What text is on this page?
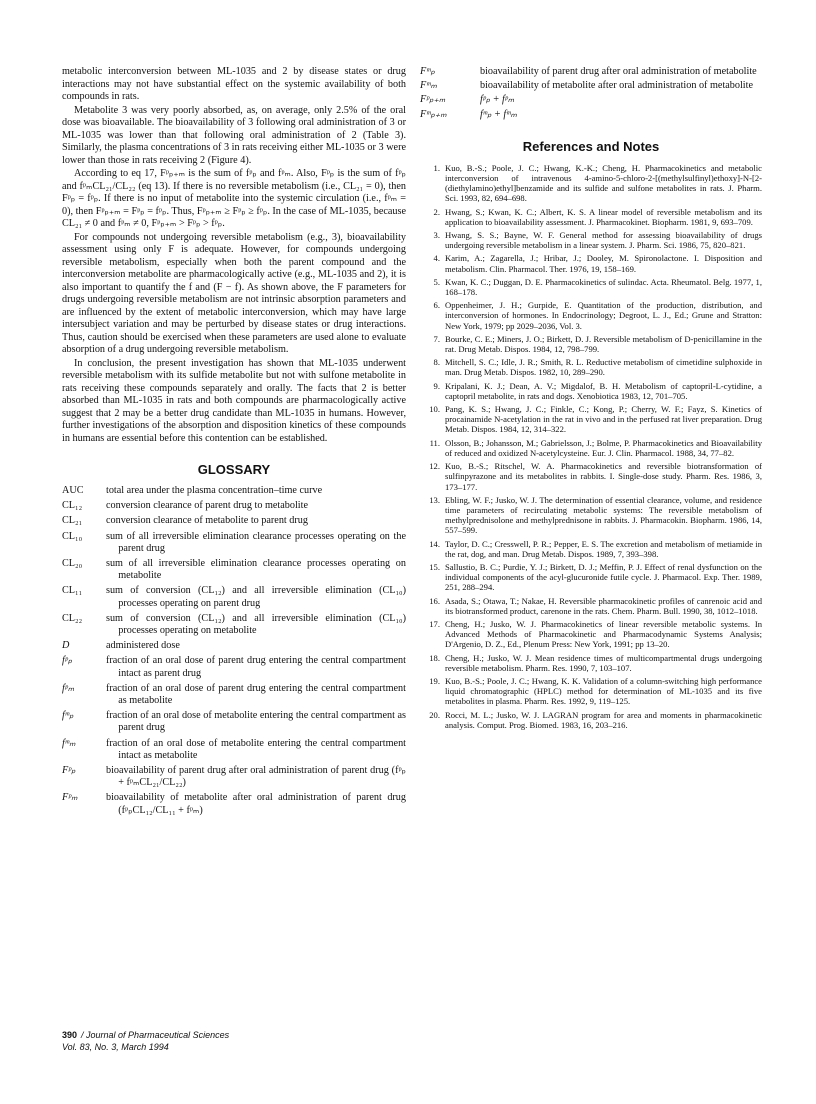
metabolic interconversion between ML-1035 and 2 by disease states or drug interactions may not have substantial effect on the systemic availability of both compounds in rats.

Metabolite 3 was very poorly absorbed, as, on average, only 2.5% of the oral dose was bioavailable. The bioavailability of 3 following oral administration of 3 or ML-1035 was lower than that following oral administration of 2 (Table 3). Similarly, the plasma concentrations of 3 in rats receiving either ML-1035 or 3 were lower than those in rats receiving 2 (Figure 4).

According to eq 17, Fᵖₚ₊ₘ is the sum of fᵖₚ and fᵖₘ. Also, Fᵖₚ is the sum of fᵖₚ and fᵖₘCL₂₁/CL₂₂ (eq 13). If there is no reversible metabolism (i.e., CL₂₁ = 0), then Fᵖₚ = fᵖₚ. If there is no input of metabolite into the systemic circulation (i.e., fᵖₘ = 0), then Fᵖₚ₊ₘ = Fᵖₚ = fᵖₚ. Thus, Fᵖₚ₊ₘ ≥ Fᵖₚ ≥ fᵖₚ. In the case of ML-1035, because CL₂₁ ≠ 0 and fᵖₘ ≠ 0, Fᵖₚ₊ₘ > Fᵖₚ > fᵖₚ.

For compounds not undergoing reversible metabolism (e.g., 3), bioavailability assessment using only F is adequate. However, for compounds undergoing reversible metabolism, especially when both the parent compound and the interconversion metabolite are pharmacologically active (e.g., ML-1035 and 2), it is also important to quantify the f and (F − f). As shown above, the F parameters for drugs undergoing reversible metabolism are not intrinsic absorption parameters and are influenced by the extent of metabolic interconversion, which may have large intersubject variation and may be perturbed by disease states or drug interactions. Thus, caution should be exercised when these parameters are used alone to evaluate absorption of a drug undergoing reversible metabolism.

In conclusion, the present investigation has shown that ML-1035 underwent reversible metabolism with its sulfide metabolite but not with sulfone metabolite in rats receiving these compounds separately and orally. The facts that 2 is better absorbed than ML-1035 in rats and both compounds are pharmacologically active suggest that 2 may be a better drug candidate than ML-1035 in humans. However, further investigations of the absorption and disposition kinetics of these compounds in humans are essential before this contention can be established.

GLOSSARY
AUC	total area under the plasma concentration–time curve
CL₁₂	conversion clearance of parent drug to metabolite
CL₂₁	conversion clearance of metabolite to parent drug
CL₁₀	sum of all irreversible elimination clearance processes operating on the parent drug
CL₂₀	sum of all irreversible elimination clearance processes operating on metabolite
CL₁₁	sum of conversion (CL₁₂) and all irreversible elimination (CL₁₀) processes operating on parent drug
CL₂₂	sum of conversion (CL₁₂) and all irreversible elimination (CL₁₀) processes operating on metabolite
D	administered dose
fᵖₚ	fraction of an oral dose of parent drug entering the central compartment intact as parent drug
fᵖₘ	fraction of an oral dose of parent drug entering the central compartment as metabolite
fᵐₚ	fraction of an oral dose of metabolite entering the central compartment as parent drug
fᵐₘ	fraction of an oral dose of metabolite entering the central compartment intact as metabolite
Fᵖₚ	bioavailability of parent drug after oral administration of parent drug (fᵖₚ + fᵖₘCL₂₁/CL₂₂)
Fᵖₘ	bioavailability of metabolite after oral administration of parent drug (fᵖₚCL₁₂/CL₁₁ + fᵖₘ)
Fᵐₚ	bioavailability of parent drug after oral administration of metabolite
Fᵐₘ	bioavailability of metabolite after oral administration of metabolite
Fᵖₚ₊ₘ	fᵖₚ + fᵖₘ
Fᵐₚ₊ₘ	fᵐₚ + fᵐₘ
References and Notes
1. Kuo, B.-S.; Poole, J. C.; Hwang, K.-K.; Cheng, H. Pharmacokinetics and metabolic interconversion of intravenous 4-amino-5-chloro-2-[(methylsulfinyl)ethoxy]-N-[2-(diethylamino)ethyl]benzamide and its sulfide and sulfone metabolites in rats. J. Pharm. Sci. 1993, 82, 694–698.
2. Hwang, S.; Kwan, K. C.; Albert, K. S. A linear model of reversible metabolism and its application to bioavailability assessment. J. Pharmacokinet. Biopharm. 1981, 9, 693–709.
3. Hwang, S. S.; Bayne, W. F. General method for assessing bioavailability of drugs undergoing reversible metabolism in a linear system. J. Pharm. Sci. 1986, 75, 820–821.
4. Karim, A.; Zagarella, J.; Hribar, J.; Dooley, M. Spironolactone. I. Disposition and metabolism. Clin. Pharmacol. Ther. 1976, 19, 158–169.
5. Kwan, K. C.; Duggan, D. E. Pharmacokinetics of sulindac. Acta. Rheumatol. Belg. 1977, 1, 168–178.
6. Oppenheimer, J. H.; Gurpide, E. Quantitation of the production, distribution, and interconversion of hormones. In Endocrinology; Degroot, L. J., Ed.; Grune and Stratton: New York, 1979; pp 2029–2036, Vol. 3.
7. Bourke, C. E.; Miners, J. O.; Birkett, D. J. Reversible metabolism of D-penicillamine in the rat. Drug Metab. Dispos. 1984, 12, 798–799.
8. Mitchell, S. C.; Idle, J. R.; Smith, R. L. Reductive metabolism of cimetidine sulphoxide in man. Drug Metab. Dispos. 1982, 10, 289–290.
9. Kripalani, K. J.; Dean, A. V.; Migdalof, B. H. Metabolism of captopril-L-cytidine, a captopril metabolite, in rats and dogs. Xenobiotica 1983, 12, 701–705.
10. Pang, K. S.; Hwang, J. C.; Finkle, C.; Kong, P.; Cherry, W. F.; Fayz, S. Kinetics of procainamide N-acetylation in the rat in vivo and in the perfused rat liver preparation. Drug Metab. Dispos. 1984, 12, 314–322.
11. Olsson, B.; Johansson, M.; Gabrielsson, J.; Bolme, P. Pharmacokinetics and Bioavailability of reduced and oxidized N-acetylcysteine. Eur. J. Clin. Pharmacol. 1988, 34, 77–82.
12. Kuo, B.-S.; Ritschel, W. A. Pharmacokinetics and reversible biotransformation of sulfinpyrazone and its metabolites in rabbits. I. Single-dose study. Pharm. Res. 1986, 3, 173–177.
13. Ebling, W. F.; Jusko, W. J. The determination of essential clearance, volume, and residence time parameters of recirculating metabolic systems: The reversible metabolism of methylprednisolone and methylprednisone in rabbits. J. Pharmacokin. Biopharm. 1986, 14, 557–599.
14. Taylor, D. C.; Cresswell, P. R.; Pepper, E. S. The excretion and metabolism of metiamide in the rat, dog, and man. Drug Metab. Dispos. 1989, 7, 393–398.
15. Sallustio, B. C.; Purdie, Y. J.; Birkett, D. J.; Meffin, P. J. Effect of renal dysfunction on the individual components of the acyl-glucuronide futile cycle. J. Pharmacol. Exp. Ther. 1989, 251, 288–294.
16. Asada, S.; Otawa, T.; Nakae, H. Reversible pharmacokinetic profiles of canrenoic acid and its biotransformed product, carenone in the rats. Chem. Pharm. Bull. 1990, 38, 1012–1018.
17. Cheng, H.; Jusko, W. J. Pharmacokinetics of linear reversible metabolic systems. In Advanced Methods of Pharmacokinetic and Pharmacodynamic Systems Analysis; D'Argenio, D. Z., Ed., Plenum Press: New York, 1991; pp 13–20.
18. Cheng, H.; Jusko, W. J. Mean residence times of multicompartmental drugs undergoing reversible metabolism. Pharm. Res. 1990, 7, 103–107.
19. Kuo, B.-S.; Poole, J. C.; Hwang, K. K. Validation of a column-switching high performance liquid chromatographic (HPLC) method for determination of ML-1035 and its five metabolites in plasma. Pharm. Res. 1992, 9, 119–125.
20. Rocci, M. L.; Jusko, W. J. LAGRAN program for area and moments in pharmacokinetic analysis. Comput. Prog. Biomed. 1983, 16, 203–216.
390 / Journal of Pharmaceutical Sciences
Vol. 83, No. 3, March 1994
